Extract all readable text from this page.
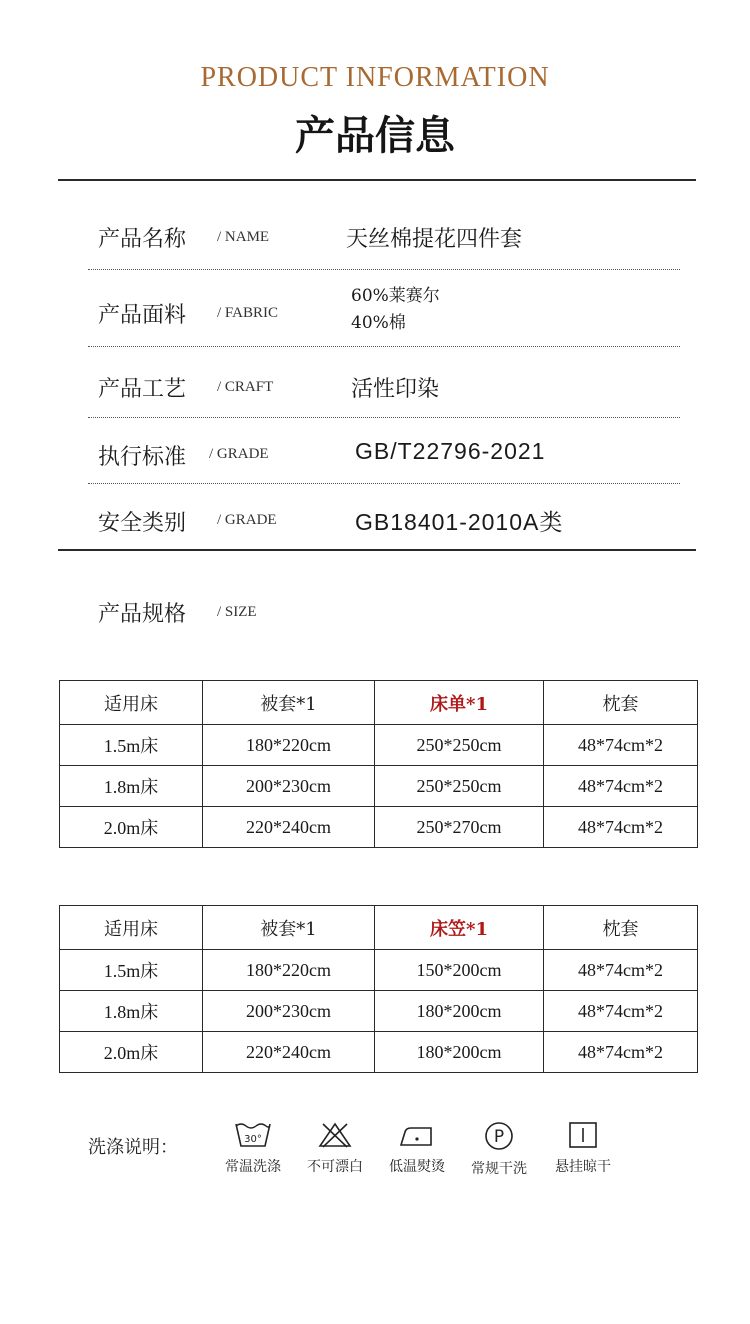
PRODUCT INFORMATION
产品信息
产品名称 / NAME	天丝棉提花四件套
产品面料 / FABRIC
60%莱赛尔
40%棉
产品工艺 / CRAFT	活性印染
执行标准 / GRADE	GB/T22796-2021
安全类别 / GRADE	GB18401-2010A类
产品规格 / SIZE
适用床	被套*1	床单*1	枕套
1.5m床	180*220cm	250*250cm	48*74cm*2
1.8m床	200*230cm	250*250cm	48*74cm*2
2.0m床	220*240cm	250*270cm	48*74cm*2
适用床	被套*1	床笠*1	枕套
1.5m床	180*220cm	150*200cm	48*74cm*2
1.8m床	200*230cm	180*200cm	48*74cm*2
2.0m床	220*240cm	180*200cm	48*74cm*2
洗涤说明：	30°
常温洗涤	不可漂白	低温熨烫
P
常规干洗	悬挂晾干
